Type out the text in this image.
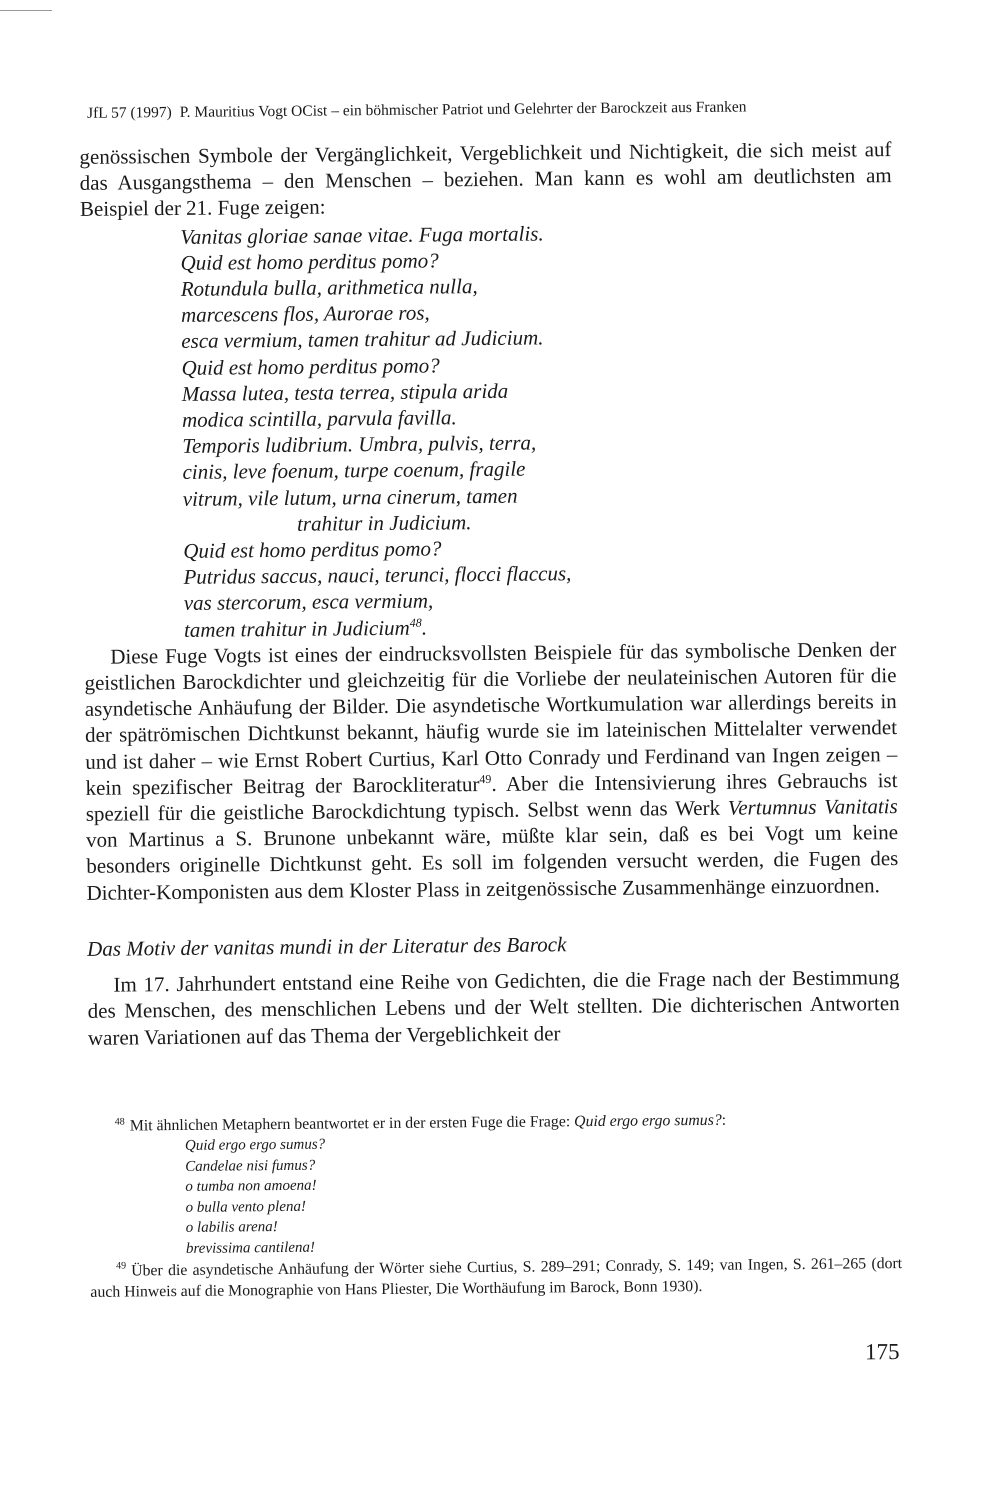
JfL 57 (1997) P. Mauritius Vogt OCist – ein böhmischer Patriot und Gelehrter der Barockzeit aus Franken

genössischen Symbole der Vergänglichkeit, Vergeblichkeit und Nichtigkeit, die sich meist auf das Ausgangsthema – den Menschen – beziehen. Man kann es wohl am deutlichsten am Beispiel der 21. Fuge zeigen:

Vanitas gloriae sanae vitae. Fuga mortalis.
Quid est homo perditus pomo?
Rotundula bulla, arithmetica nulla,
marcescens flos, Aurorae ros,
esca vermium, tamen trahitur ad Judicium.
Quid est homo perditus pomo?
Massa lutea, testa terrea, stipula arida
modica scintilla, parvula favilla.
Temporis ludibrium. Umbra, pulvis, terra,
cinis, leve foenum, turpe coenum, fragile
vitrum, vile lutum, urna cinerum, tamen
trahitur in Judicium.
Quid est homo perditus pomo?
Putridus saccus, nauci, terunci, flocci flaccus,
vas stercorum, esca vermium,
tamen trahitur in Judicium$^{48}$.

Diese Fuge Vogts ist eines der eindrucksvollsten Beispiele für das symbolische Denken der geistlichen Barockdichter und gleichzeitig für die Vorliebe der neulateinischen Autoren für die asyndetische Anhäufung der Bilder. Die asyndetische Wortkumulation war allerdings bereits in der spätrömischen Dichtkunst bekannt, häufig wurde sie im lateinischen Mittelalter verwendet und ist daher – wie Ernst Robert Curtius, Karl Otto Conrady und Ferdinand van Ingen zeigen – kein spezifischer Beitrag der Barockliteratur$^{49}$. Aber die Intensivierung ihres Gebrauchs ist speziell für die geistliche Barockdichtung typisch. Selbst wenn das Werk Vertumnus Vanitatis von Martinus a S. Brunone unbekannt wäre, müßte klar sein, daß es bei Vogt um keine besonders originelle Dichtkunst geht. Es soll im folgenden versucht werden, die Fugen des Dichter-Komponisten aus dem Kloster Plass in zeitgenössische Zusammenhänge einzuordnen.

Das Motiv der vanitas mundi in der Literatur des Barock

Im 17. Jahrhundert entstand eine Reihe von Gedichten, die die Frage nach der Bestimmung des Menschen, des menschlichen Lebens und der Welt stellten. Die dichterischen Antworten waren Variationen auf das Thema der Vergeblichkeit der

$^{48}$ Mit ähnlichen Metaphern beantwortet er in der ersten Fuge die Frage: Quid ergo ergo sumus?:

Quid ergo ergo sumus?
Candelae nisi fumus?
o tumba non amoena!
o bulla vento plena!
o labilis arena!
brevissima cantilena!

$^{49}$ Über die asyndetische Anhäufung der Wörter siehe Curtius, S. 289–291; Conrady, S. 149; van Ingen, S. 261–265 (dort auch Hinweis auf die Monographie von Hans Pliester, Die Worthäufung im Barock, Bonn 1930).

175
